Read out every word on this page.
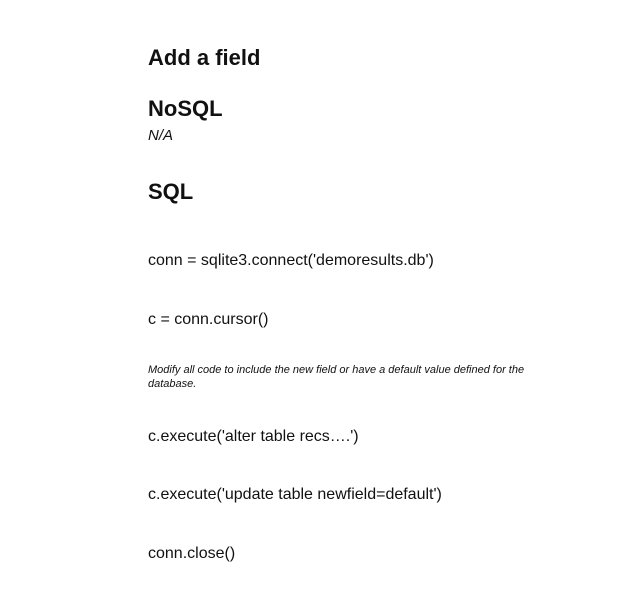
Add a field
NoSQL

N/A

SQL

conn = sqlite3.connect('demoresults.db')

c = conn.cursor()

c.execute('alter table recs….')

c.execute('update table newfield=default')

conn.close()

Modify all code to include the new field or have a default value defined for the database.
